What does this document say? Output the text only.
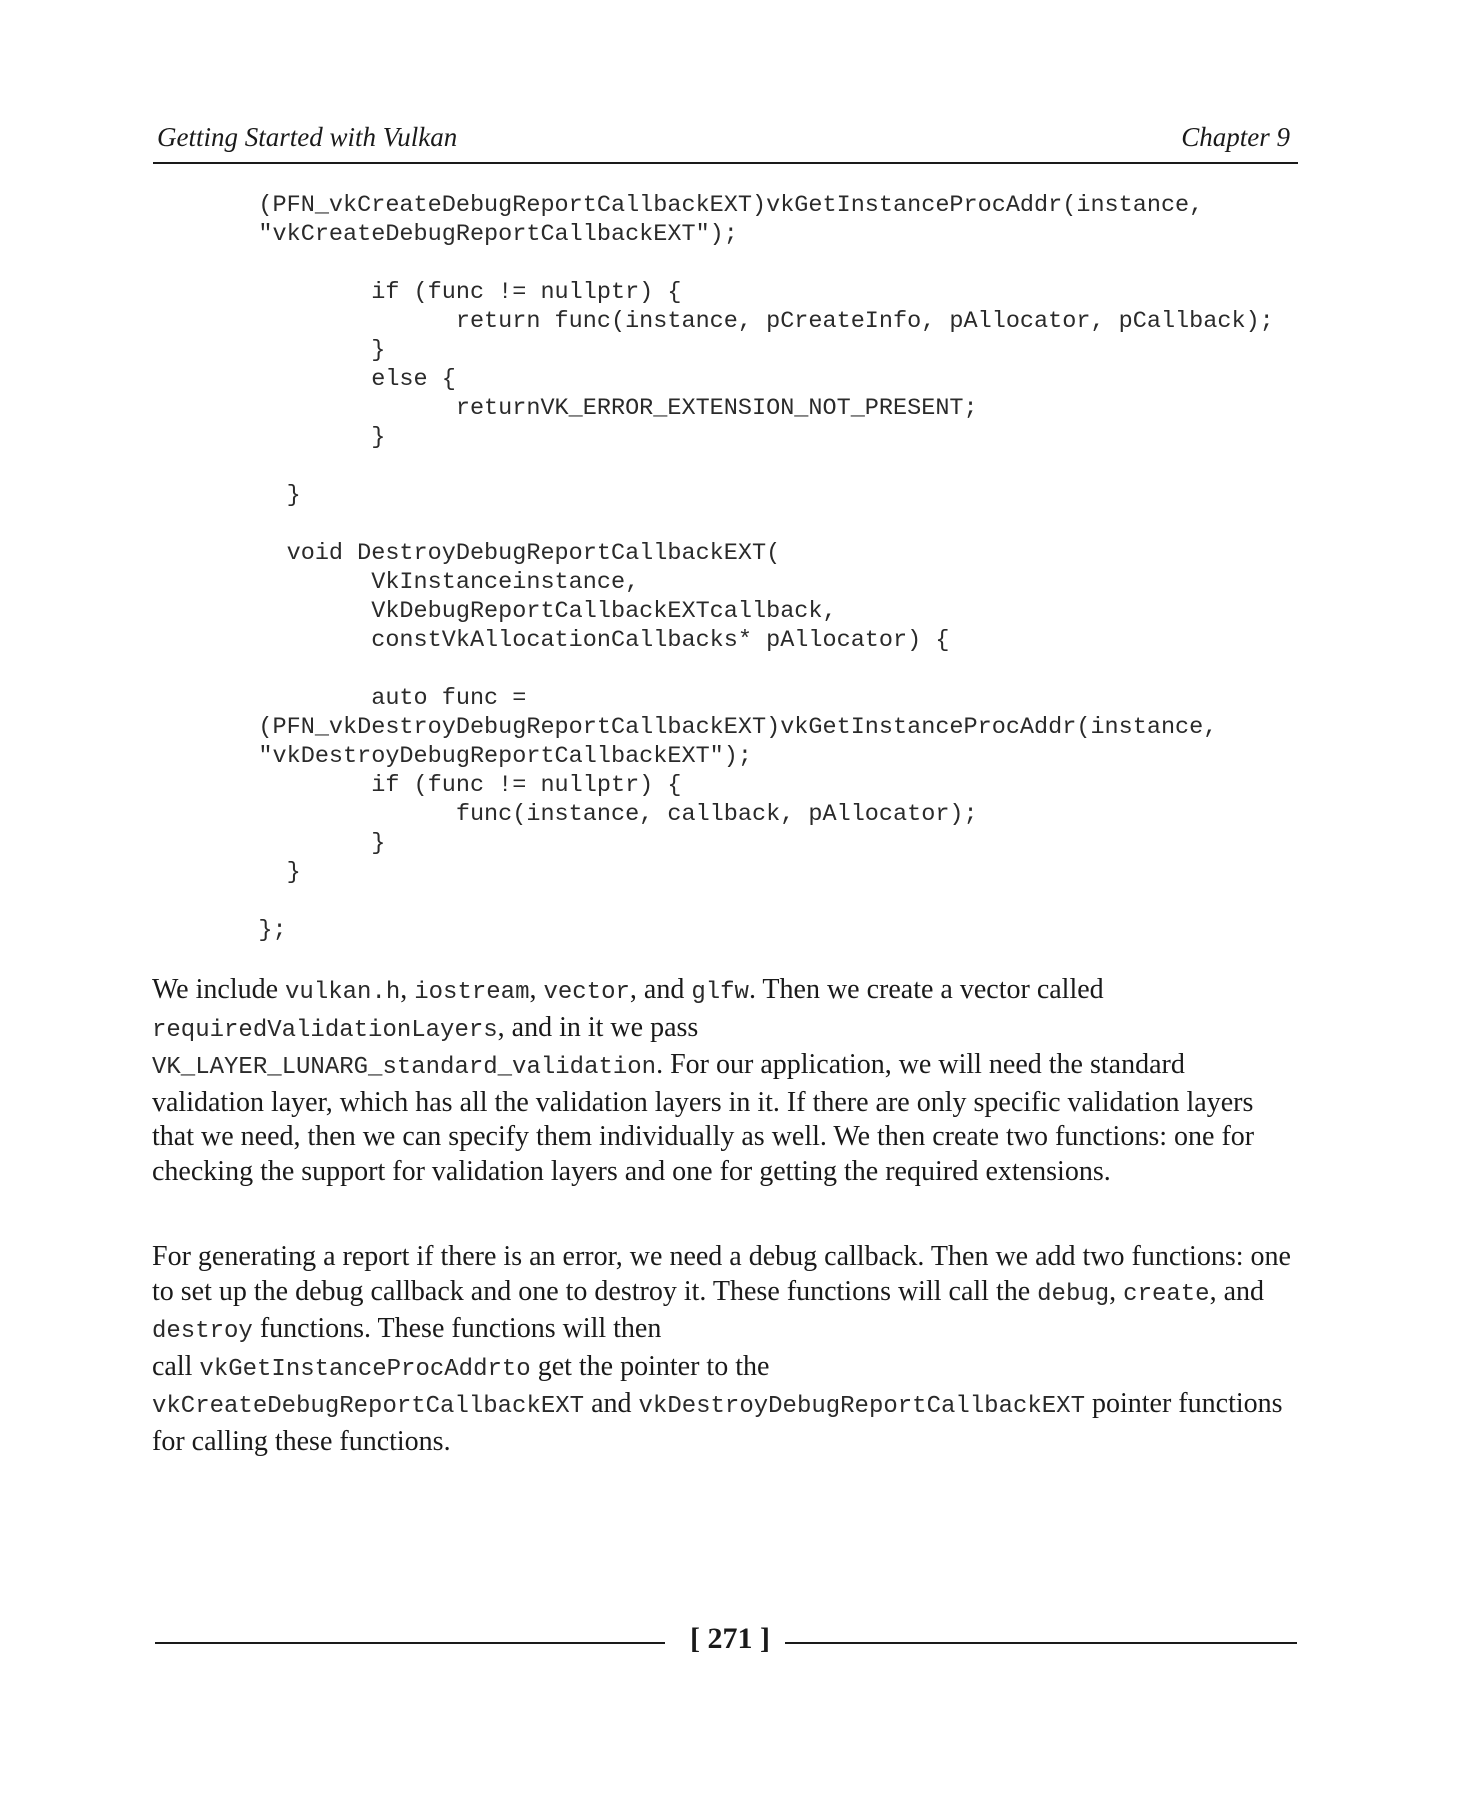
Getting Started with Vulkan	Chapter 9
(PFN_vkCreateDebugReportCallbackEXT)vkGetInstanceProcAddr(instance,
"vkCreateDebugReportCallbackEXT");

if (func != nullptr) {
return func(instance, pCreateInfo, pAllocator, pCallback);
}
else {
returnVK_ERROR_EXTENSION_NOT_PRESENT;
}

}

void DestroyDebugReportCallbackEXT(
VkInstanceinstance,
VkDebugReportCallbackEXTcallback,
constVkAllocationCallbacks* pAllocator) {

auto func =
(PFN_vkDestroyDebugReportCallbackEXT)vkGetInstanceProcAddr(instance,
"vkDestroyDebugReportCallbackEXT");
if (func != nullptr) {
func(instance, callback, pAllocator);
}
}

};

We include vulkan.h, iostream, vector, and glfw. Then we create a vector called
requiredValidationLayers, and in it we pass
VK_LAYER_LUNARG_standard_validation. For our application, we will need the standard validation layer, which has all the validation layers in it. If there are only specific validation layers that we need, then we can specify them individually as well. We then create two functions: one for checking the support for validation layers and one for getting the required extensions.

For generating a report if there is an error, we need a debug callback. Then we add two functions: one to set up the debug callback and one to destroy it. These functions will call the debug, create, and destroy functions. These functions will then
call vkGetInstanceProcAddrto get the pointer to the
vkCreateDebugReportCallbackEXT and vkDestroyDebugReportCallbackEXT pointer functions for calling these functions.

[ 271 ]
